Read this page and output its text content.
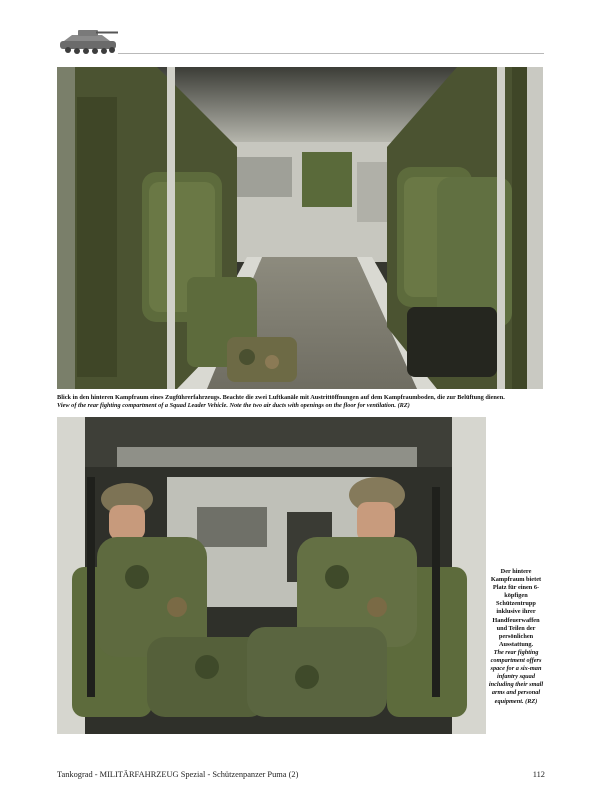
Blick in den hinteren Kampfraum eines Zugführerfahrzeugs. Beachte die zwei Luftkanäle mit Austrittöffnungen auf dem Kampfraumboden, die zur Belüftung dienen.
View of the rear fighting compartment of a Squad Leader Vehicle. Note the two air ducts with openings on the floor for ventilation. (RZ)
Der hintere Kampfraum bietet Platz für einen 6-köpfigen Schützentrupp inklusive ihrer Handfeuerwaffen und Teilen der persönlichen Ausstattung.
The rear fighting compartment offers space for a six-man infantry squad including their small arms and personal equipment. (RZ)
Tankograd - MILITÄRFAHRZEUG Spezial - Schützenpanzer Puma (2)	112
